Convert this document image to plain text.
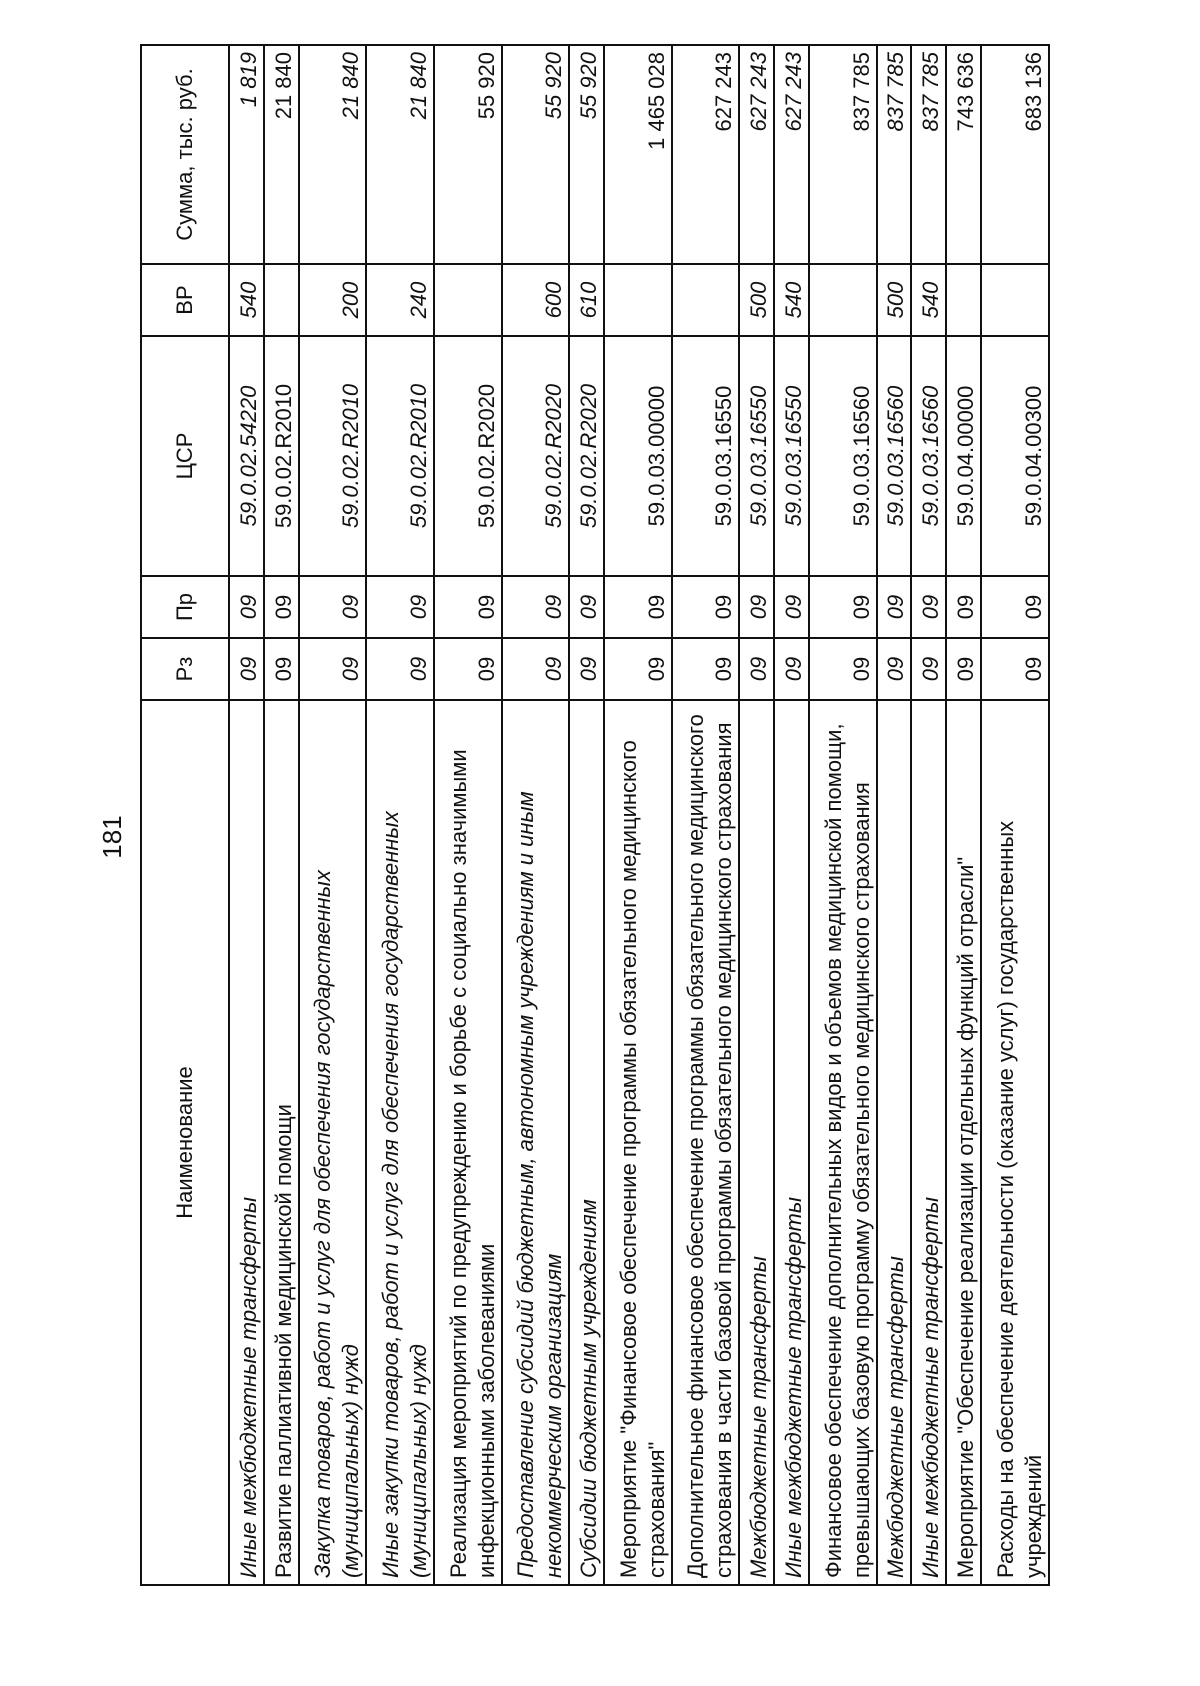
181
Наименование	Рз	Пр	ЦСР	ВР	Сумма, тыс. руб.
Иные межбюджетные трансферты	09	09	59.0.02.54220	540	1 819
Развитие паллиативной медицинской помощи	09	09	59.0.02.R2010		21 840
Закупка товаров, работ и услуг для обеспечения государственных (муниципальных) нужд	09	09	59.0.02.R2010	200	21 840
Иные закупки товаров, работ и услуг для обеспечения государственных (муниципальных) нужд	09	09	59.0.02.R2010	240	21 840
Реализация мероприятий по предупреждению и борьбе с социально значимыми инфекционными заболеваниями	09	09	59.0.02.R2020		55 920
Предоставление субсидий бюджетным, автономным учреждениям и иным некоммерческим организациям	09	09	59.0.02.R2020	600	55 920
Субсидии бюджетным учреждениям	09	09	59.0.02.R2020	610	55 920
Мероприятие "Финансовое обеспечение программы обязательного медицинского страхования"	09	09	59.0.03.00000		1 465 028
Дополнительное финансовое обеспечение программы обязательного медицинского страхования в части базовой программы обязательного медицинского страхования	09	09	59.0.03.16550		627 243
Межбюджетные трансферты	09	09	59.0.03.16550	500	627 243
Иные межбюджетные трансферты	09	09	59.0.03.16550	540	627 243
Финансовое обеспечение дополнительных видов и объемов медицинской помощи, превышающих базовую программу обязательного медицинского страхования	09	09	59.0.03.16560		837 785
Межбюджетные трансферты	09	09	59.0.03.16560	500	837 785
Иные межбюджетные трансферты	09	09	59.0.03.16560	540	837 785
Мероприятие "Обеспечение реализации отдельных функций отрасли"	09	09	59.0.04.00000		743 636
Расходы на обеспечение деятельности (оказание услуг) государственных учреждений	09	09	59.0.04.00300		683 136
